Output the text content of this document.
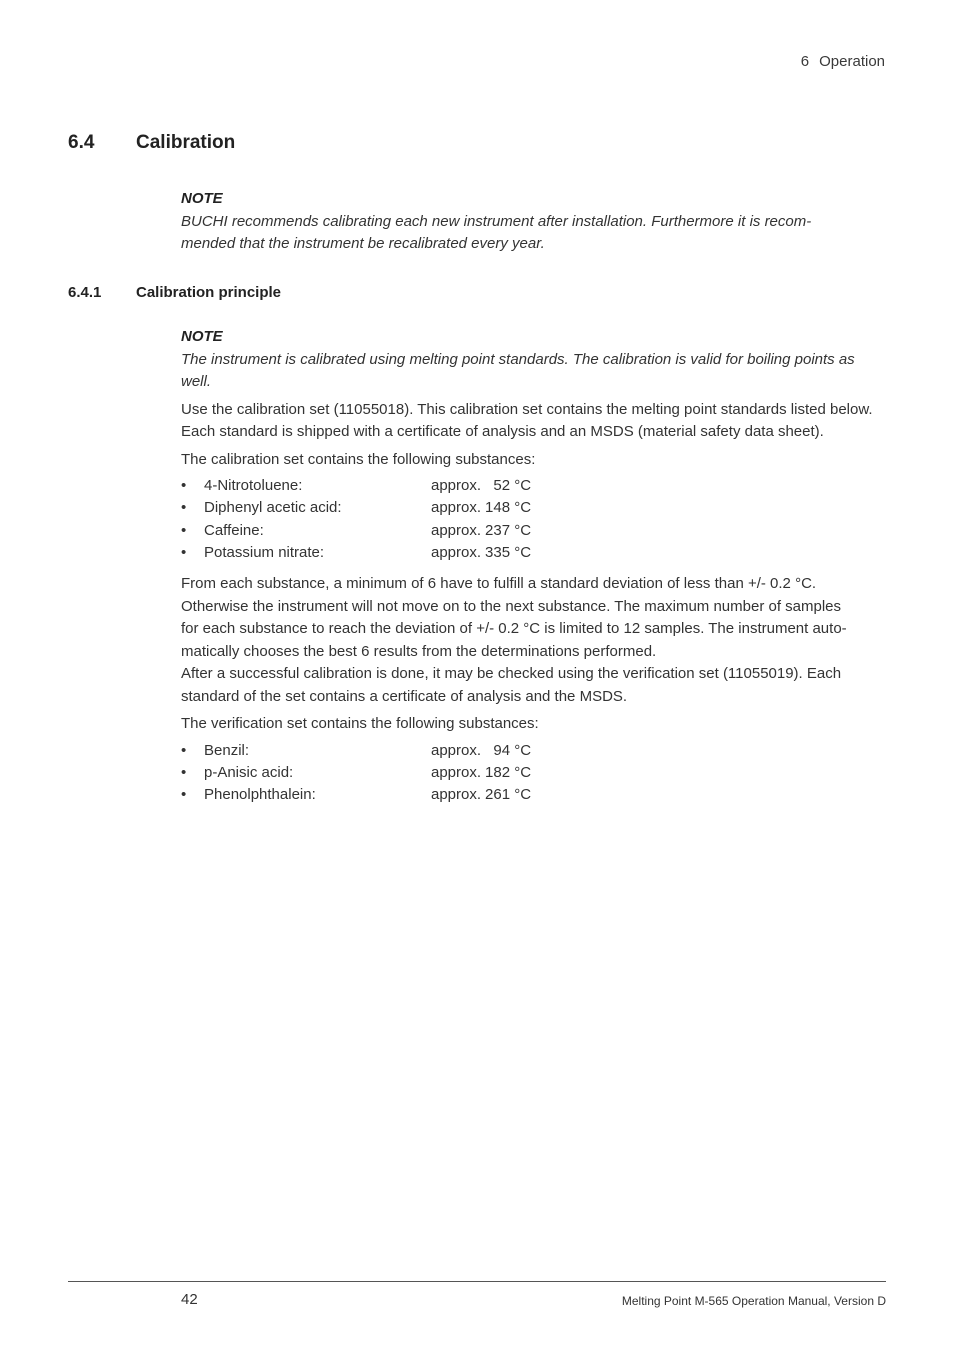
6 Operation
6.4 Calibration
NOTE
BUCHI recommends calibrating each new instrument after installation. Furthermore it is recom-
mended that the instrument be recalibrated every year.
6.4.1 Calibration principle
NOTE
The instrument is calibrated using melting point standards. The calibration is valid for boiling points as well.

Use the calibration set (11055018). This calibration set contains the melting point standards listed below. Each standard is shipped with a certificate of analysis and an MSDS (material safety data sheet).

The calibration set contains the following substances:

• 4-Nitrotoluene:	approx. 52 °C
• Diphenyl acetic acid:	approx. 148 °C
• Caffeine:	approx. 237 °C
• Potassium nitrate:	approx. 335 °C
From each substance, a minimum of 6 have to fulfill a standard deviation of less than +/- 0.2 °C.
Otherwise the instrument will not move on to the next substance. The maximum number of samples
for each substance to reach the deviation of +/- 0.2 °C is limited to 12 samples. The instrument auto-
matically chooses the best 6 results from the determinations performed.

After a successful calibration is done, it may be checked using the verification set (11055019). Each standard of the set contains a certificate of analysis and the MSDS.

The verification set contains the following substances:

• Benzil:	approx. 94 °C
• p-Anisic acid:	approx. 182 °C
• Phenolphthalein:	approx. 261 °C
42	Melting Point M-565 Operation Manual, Version D
